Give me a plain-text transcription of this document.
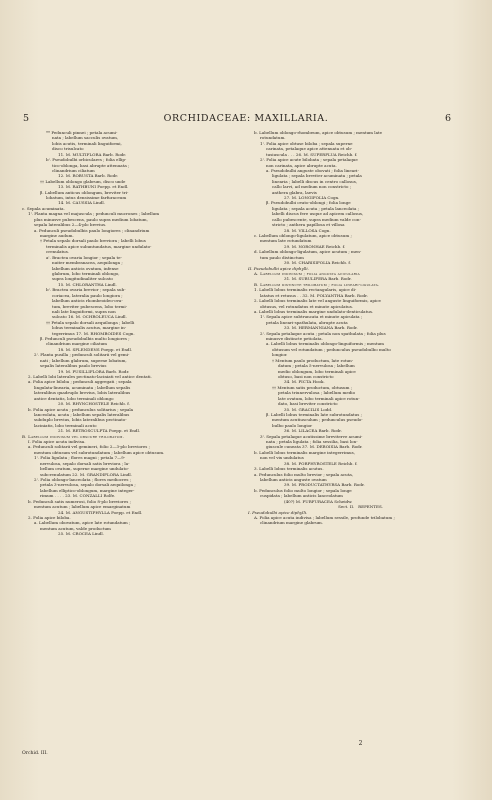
5	ORCHIDACEAE: MAXILLARIA.	6
** Pedunculi pinnei ; petala acumi-
nata ; labellum sacculis ovatum,
lobis acutis, terminali linguiformi,
disco trisulcato
11. M. MULTIFLORA Barb. Rodr.
b'. Pseudobulbi orbiculares ; folia ellip-
tico-oblonga, basi abrupte attenuata ;
clinandrium ciliatum
12. M. ROBUSTA Barb. Rodr.
†† Labellum oblongo glabrum, disco unde
13. M. RATHBUNI Poepp. et Endl.
β. Labellum anticus oblongum, breviter tri-
lobatum, intus densissime farfuraceum
14. M. CAUSSIA Lindl.
c. Sepala acuminata.
1'. Planta magna vel majuscula ; pedunculi mucrones ; labellum
plus minusve pubescens, paulo supra medium lobatum,
sepala lateralibus 2—4-plo brevius.
a. Pedunculi pseudobulbis paulo longiores ; clinandrium
margine audum.
† Petala sepalo dorsali paulo breviora ; labelli lobus
terminalis apice subuntundatus, margine undulato-
crenulatus.
a'. Bractea ovaria longior ; sepala te-
nuiter membranacea, aequilonga ;
labellum anticis ovatum, infense
glabrum, lobo terminali oblongo,
supra longitudinaliter sulcato
15. M. CHLORANTHA Lindl.
b'. Bractea ovaria brevior ; sepala sub-
coriacea, lateralia paulo longiora ;
labellum anticis rhombeoideo-ova-
tum, breviter pubescens, lobo termi-
nali late linguiformi, supra non
sulcato 16. M. OCHROLEUCA Lindl.
†† Petala sepalo dorsali aequilonga ; labelli
lobus terminalis acutus, margine in-
tegerrimus 17. M. RHOMBOIDES Cogn.
β. Pedunculi pseudobulbis multo longiores ;
clinandrium margine ciliatum
18. M. SPLENDENS Poepp. et Endl.
2'. Planta pusilla ; pedunculi solitarii vel gemi-
nati ; labellum glabrum, superne lobatum,
sepalis lateralibus paulo brevius
19. M. PUSILLIFLORA Barb. Rodr.
2. Labelli lobi laterales pectinato-laciniati vel antice dentati.
a. Folia apice biloba ; pedunculi aggregati ; sepala
lingulata-linearia, acuminata ; labellum sepalis
lateralibus quadruplo brevius, lobis lateralibus
antice dentatis, lobo terminali oblongo
20. M. RHYNCHOSTELE Reichb. f.
b. Folia apice acuta ; pedunculus solitarius ; sepala
lanceolata, acuta ; labellum sepalis lateralibus
subduplo brevius, lobis lateralibus pectinato-
laciniatis, lobo terminali acuto
21. M. RETROSCULPTA Poepp. et Endl.
B. Labellum indivisum vel obscure trilobatum.
I. Folia apice acuta indivisa.
a. Pedunculi solitarii vel gemineri, folio 2—3-plo breviores ;
mentum obtusum vel subrotundatum ; labellum apice obtusum.
1'. Folia ligulata ; flores magni ; petala 7—9-
nervulosa, sepalo dorsali satis breviora ; la-
bellum ovatum, superne margine undulato-
subcrenulatum 22. M. GRANDIFLORA Lindl.
2'. Folia oblongo-lanceolata ; flores mediocres ;
petala 3-nervulosa, sepalo dorsali aequilonga ;
labellum elliptico-oblongum, margine integer-
rimum . . . . 23. M. CONZALLI Rolfe.
b. Pedunculi satis numerosi, folio 8-plo breviores ;
mentum acutum ; labellum apice emarginatum
24. M. ANGUSTIPHYLLA Poepp. et Endl.
2. Folia apice biloba.
a. Labellum obovatum, apice late rotundatum ;
mentum acutum, valde productum
25. M. CROCEA Lindl.
b. Labellum oblongo-rhombeum, apice obtusum ; mentum late
rotundatum.
1'. Folia apice obtuse biloba ; sepala superne
carinata, petalaque apice attenuata et ob-
tusiuscula . . . 26. M. SUPERFLUA Reichb. f.
2'. Folia apice acute bilobata ; sepala petalaque
non carinata, apice abrupte acuta.
a. Pseudobulbi anguste obovati ; folia lineari-
ligulata ; sepala breviter acuminata ; petala
linearia ; labelli discus in centro callosus,
callo larvi, ad medium non constricto ;
anthera glabra, laevis
27. M. LONGIFOLIA Cogn.
β. Pseudobulbi ovato-oblongi ; folia longe
ligulata ; sepala acuta ; petala lanceolata ;
labelli discus fere usque ad apicem callosus,
callo pubescente, supra medium valde con-
stricto ; anthera papillosa et villosa
28. M. VILLOSA Cogn.
c. Labellum oblongo-ligulatum, apice obtusum ;
mentum late rotundatum
29. M. NORONHAE Reichb. f.
d. Labellum oblongo-ligulatum, apice acutum ; men-
tum paulo distinctum
30. M. CHARISIFOLIA Reichb. f.
II. Pseudobulbi apice diphylli.
A. Labellum indivisum ; folia angusta acicularia
31. M. SUBULIFERA Barb. Rodr.
B. Labellum distincte trilobatum ; folia lineari-ligulata.
1. Labelli lobus terminalis rectangularis, apice di-
latatus et retusus . . 32. M. POLYANTHA Barb. Rodr.
2. Labelli lobus terminalis late vel anguste linguiformis, apice
obtusus, vel rotundatus et minute apiculatus.
a. Labelli lobus terminalis margine undulato-denticulatus.
1'. Sepala apice subtruncata et minute apiculata ;
petala lineari-spathulata, abrupte acuta
33. M. HERMANNIANA Barb. Rodr.
2'. Sepala petalaque acuta ; petala non spathulata ; folia plus
minusve distincte petiolata.
a. Labelli lobus terminalis oblongo-linguiformis ; mentum
obtusum vel rotundatum ; pedunculus pseudobulbo multo
longior.
† Mentum paulo productum, late rotun-
datum ; petala 5-nervulosa ; labellum
medio oblongum, lobo terminali apice
obtuso, basi non constricto
34. M. PICTA Hook.
†† Mentum satis productum, obtusum ;
petala triunervulosa ; labellum medio
late ovatum, lobo terminali apice rotun-
dato, basi breviter constricto
35. M. GRACILIS Lodd.
β. Labelli lobus terminalis late subrotundatus ;
mentum acutiusculum ; pedunculus pseudo-
bulbo paulo longior
36. M. LILACEA Barb. Rodr.
3'. Sepala petalaque acutissime breviterve acumi-
nata ; petala ligulata ; folia sessilia, basi lon-
giuscule cuneata 37. M. DEBOISIA Barb. Rodr.
b. Labelli lobus terminalis margine integerrimus,
non vel vix undulatus
38. M. PORPHYROSTELE Reichb. f.
3. Labelli lobus terminalis acutus.
a. Pedunculus folio multo brevior ; sepala acuta,
labellum anticis anguste ovatum
39. M. PRODUCTATHYRSA Barb. Rodr.
b. Pedunculus folio multo longior ; sepala longe
cuspidata ; labellum anticis lanceolatum
(40?) M. FURFURACEA Scheidw.
Sect. II.   REPENTES.
I. Pseudobulbi apice diphylli.
A. Folia apice acuta indivisa ; labellum sessile, profunde trilobatum ;
clinandrium margine glabrum.
Orchid. III.
2
